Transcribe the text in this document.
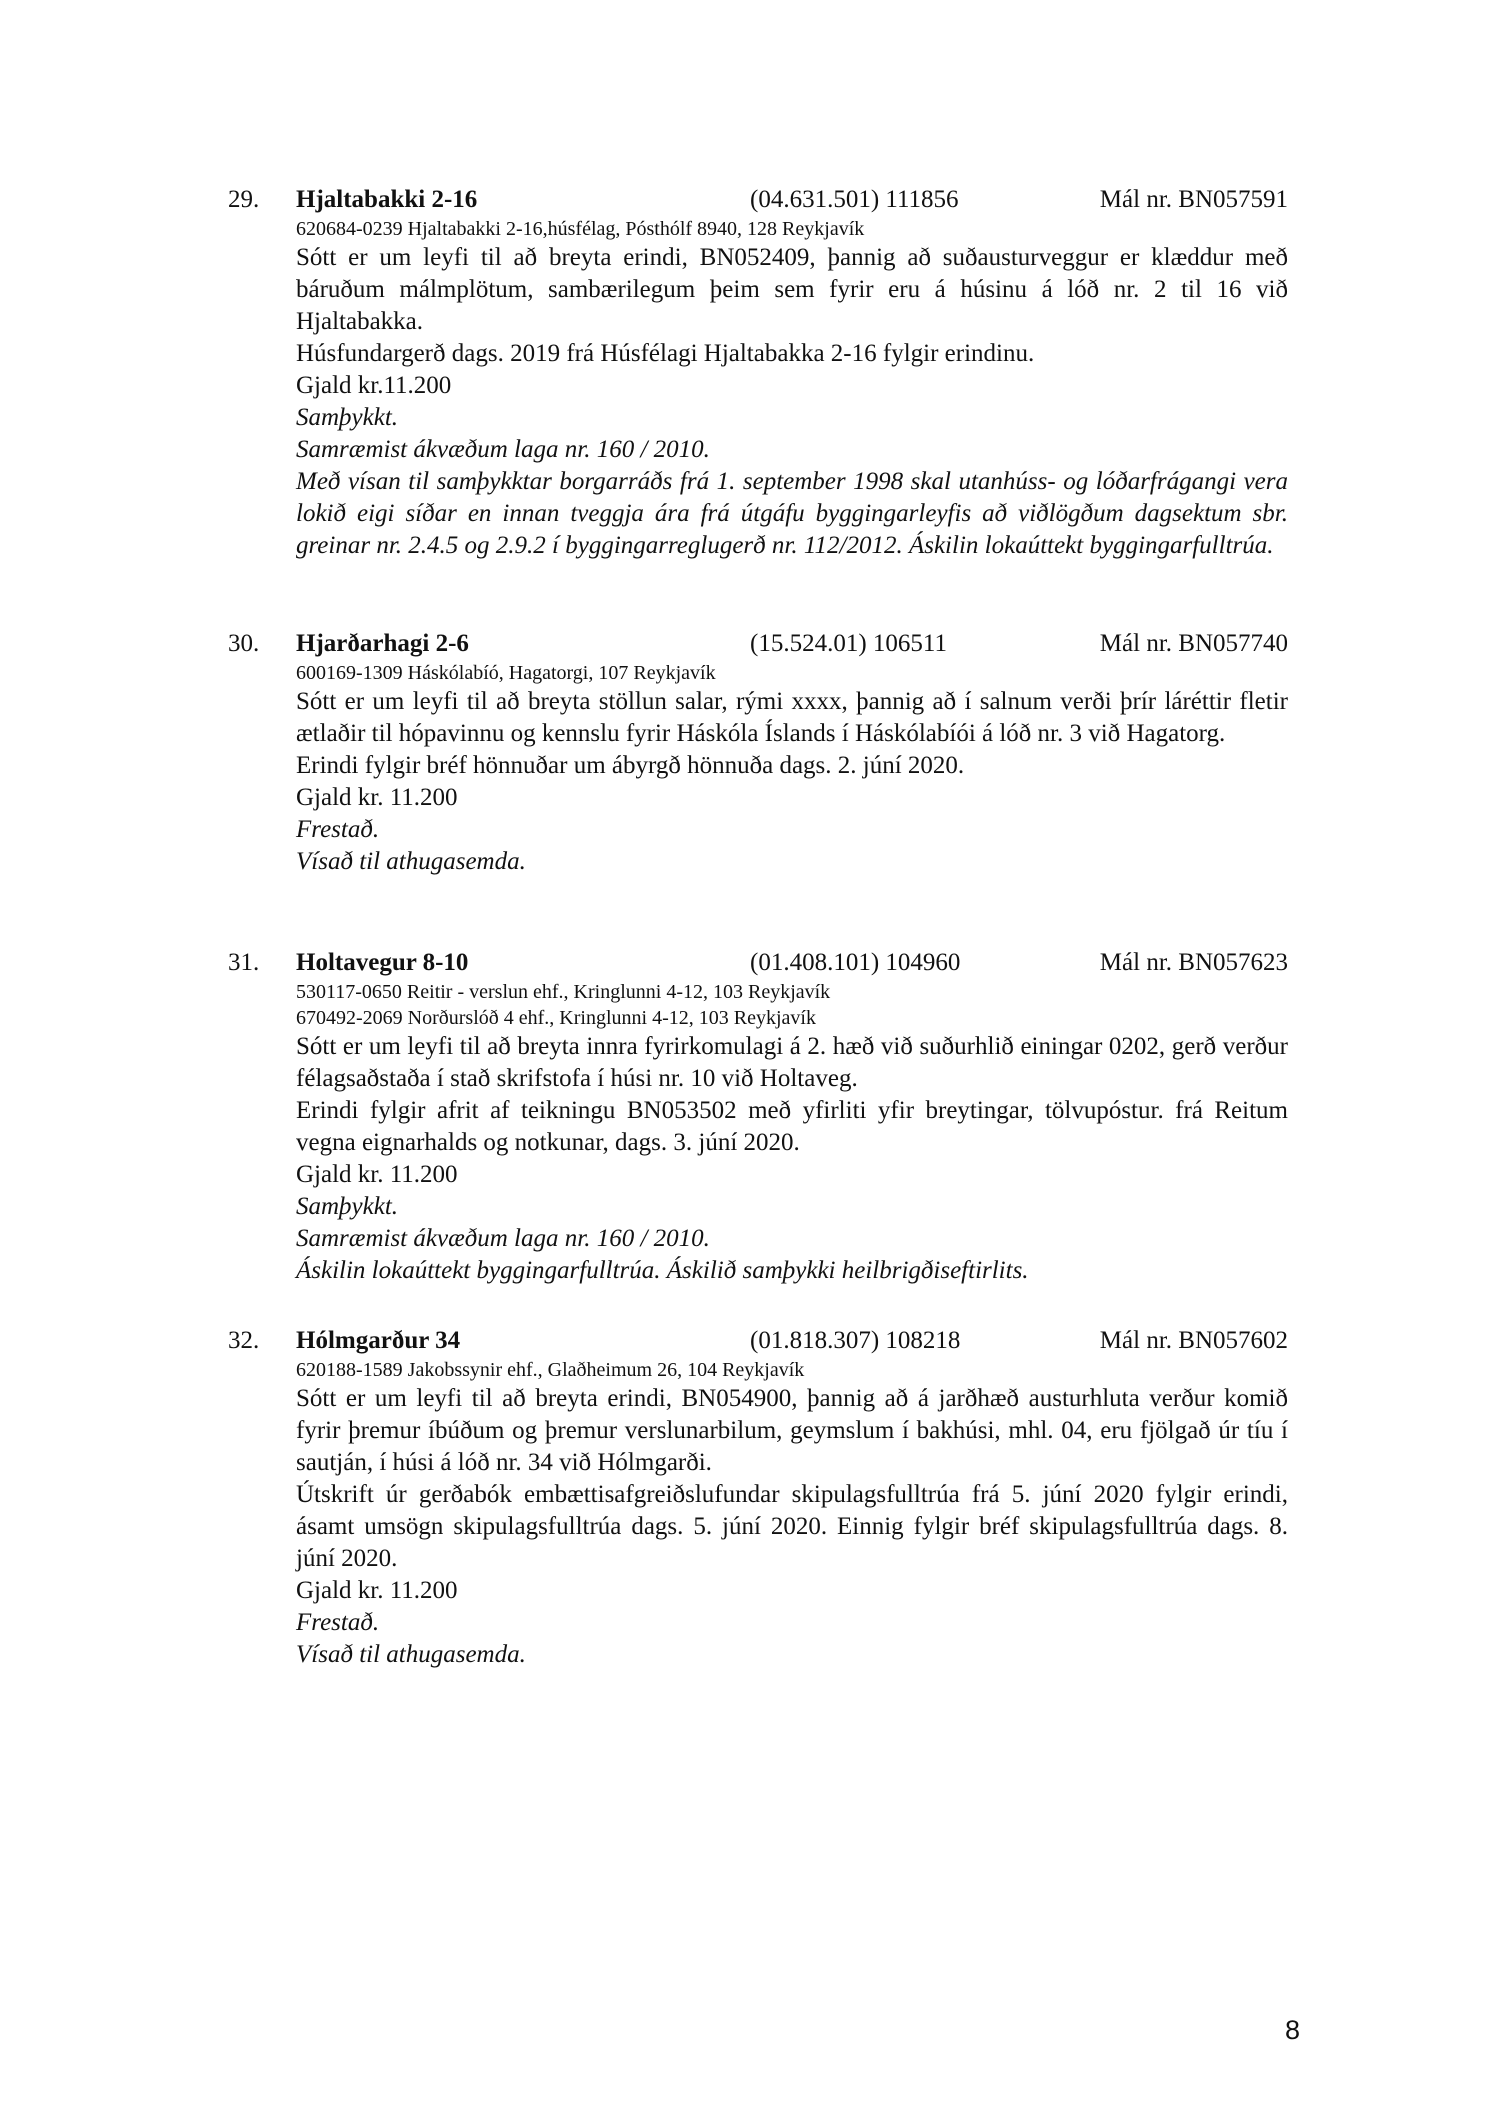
29. Hjaltabakki 2-16	(04.631.501) 111856	Mál nr. BN057591
620684-0239 Hjaltabakki 2-16,húsfélag, Pósthólf 8940, 128 Reykjavík
Sótt er um leyfi til að breyta erindi, BN052409, þannig að suðausturveggur er klæddur með báruðum málmplötum, sambærilegum þeim sem fyrir eru á húsinu á lóð nr. 2 til 16 við Hjaltabakka.
Húsfundargerð dags. 2019 frá Húsfélagi Hjaltabakka 2-16 fylgir erindinu.
Gjald kr.11.200
Samþykkt.
Samræmist ákvæðum laga nr. 160 / 2010.
Með vísan til samþykktar borgarráðs frá 1. september 1998 skal utanhúss- og lóðarfrágangi vera lokið eigi síðar en innan tveggja ára frá útgáfu byggingarleyfis að viðlögðum dagsektum sbr. greinar nr. 2.4.5 og 2.9.2 í byggingarreglugerð nr. 112/2012. Áskilin lokaúttekt byggingarfulltrúa.
30. Hjarðarhagi 2-6	(15.524.01) 106511	Mál nr. BN057740
600169-1309 Háskólabíó, Hagatorgi, 107 Reykjavík
Sótt er um leyfi til að breyta stöllun salar, rými xxxx, þannig að í salnum verði þrír láréttir fletir ætlaðir til hópavinnu og kennslu fyrir Háskóla Íslands í Háskólabíói á lóð nr. 3 við Hagatorg.
Erindi fylgir bréf hönnuðar um ábyrgð hönnuða dags. 2. júní 2020.
Gjald kr. 11.200
Frestað.
Vísað til athugasemda.
31. Holtavegur 8-10	(01.408.101) 104960	Mál nr. BN057623
530117-0650 Reitir - verslun ehf., Kringlunni 4-12, 103 Reykjavík
670492-2069 Norðurslóð 4 ehf., Kringlunni 4-12, 103 Reykjavík
Sótt er um leyfi til að breyta innra fyrirkomulagi á 2. hæð við suðurhlið einingar 0202, gerð verður félagsaðstaða í stað skrifstofa í húsi nr. 10 við Holtaveg.
Erindi fylgir afrit af teikningu BN053502 með yfirliti yfir breytingar, tölvupóstur. frá Reitum vegna eignarhalds og notkunar, dags. 3. júní 2020.
Gjald kr. 11.200
Samþykkt.
Samræmist ákvæðum laga nr. 160 / 2010.
Áskilin lokaúttekt byggingarfulltrúa. Áskilið samþykki heilbrigðiseftirlits.
32. Hólmgarður 34	(01.818.307) 108218	Mál nr. BN057602
620188-1589 Jakobssynir ehf., Glaðheimum 26, 104 Reykjavík
Sótt er um leyfi til að breyta erindi, BN054900, þannig að á jarðhæð austurhluta verður komið fyrir þremur íbúðum og þremur verslunarbilum, geymslum í bakhúsi, mhl. 04, eru fjölgað úr tíu í sautján, í húsi á lóð nr. 34 við Hólmgarði.
Útskrift úr gerðabók embættisafgreiðslufundar skipulagsfulltrúa frá 5. júní 2020 fylgir erindi, ásamt umsögn skipulagsfulltrúa dags. 5. júní 2020. Einnig fylgir bréf skipulagsfulltrúa dags. 8. júní 2020.
Gjald kr. 11.200
Frestað.
Vísað til athugasemda.
8
